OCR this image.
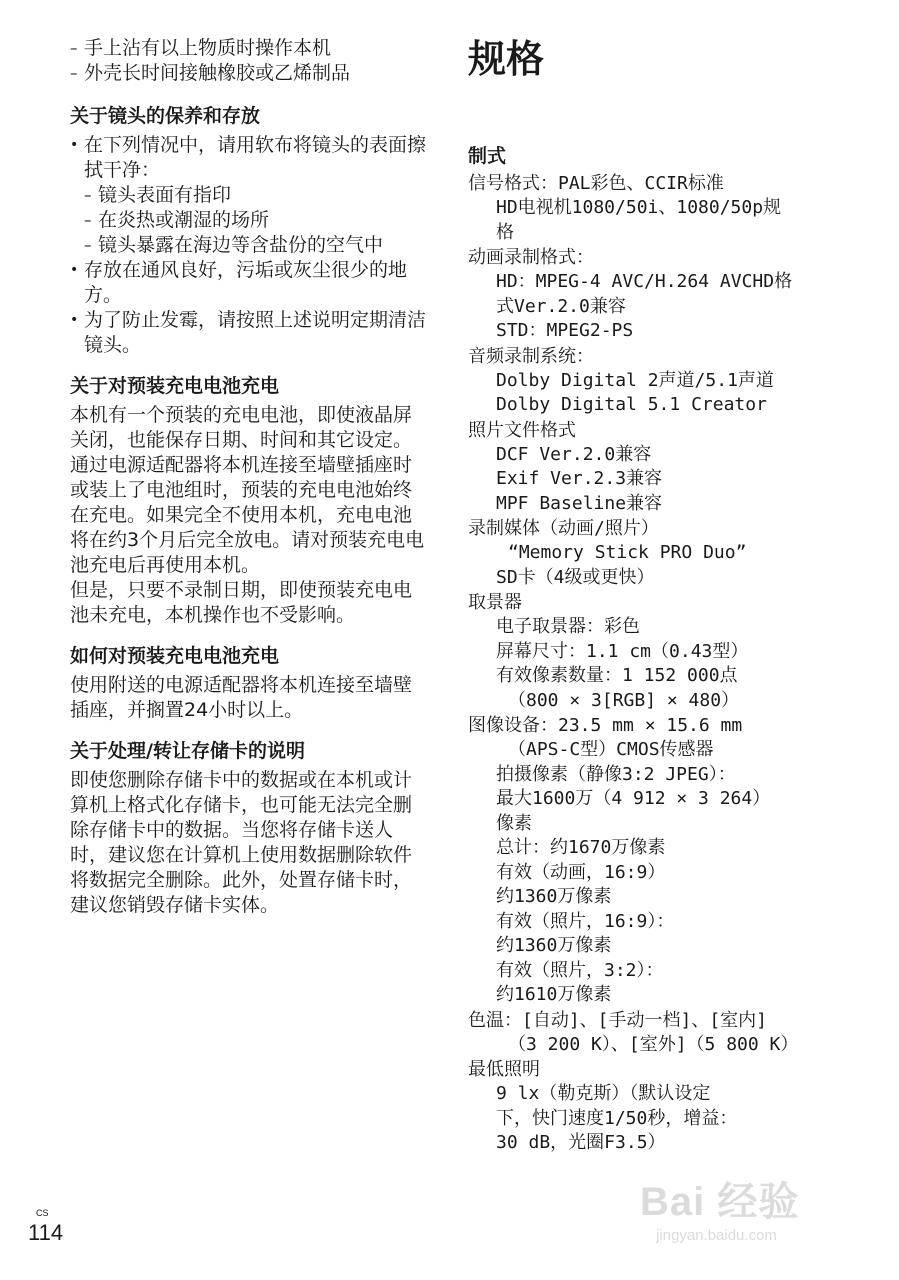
– 手上沾有以上物质时操作本机
– 外壳长时间接触橡胶或乙烯制品
关于镜头的保养和存放
• 在下列情况中，请用软布将镜头的表面擦拭干净：
– 镜头表面有指印
– 在炎热或潮湿的场所
– 镜头暴露在海边等含盐份的空气中
• 存放在通风良好，污垢或灰尘很少的地方。
• 为了防止发霉，请按照上述说明定期清洁镜头。
关于对预装充电电池充电
本机有一个预装的充电电池，即使液晶屏关闭，也能保存日期、时间和其它设定。通过电源适配器将本机连接至墙壁插座时或装上了电池组时，预装的充电电池始终在充电。如果完全不使用本机，充电电池将在约3个月后完全放电。请对预装充电电池充电后再使用本机。
但是，只要不录制日期，即使预装充电电池未充电，本机操作也不受影响。
如何对预装充电电池充电
使用附送的电源适配器将本机连接至墙壁插座，并搁置24小时以上。
关于处理/转让存储卡的说明
即使您删除存储卡中的数据或在本机或计算机上格式化存储卡，也可能无法完全删除存储卡中的数据。当您将存储卡送人时，建议您在计算机上使用数据删除软件将数据完全删除。此外，处置存储卡时，建议您销毁存储卡实体。
规格
制式
信号格式：PAL彩色、CCIR标准
HD电视机1080/50i、1080/50p规
格
动画录制格式：
HD：MPEG-4 AVC/H.264 AVCHD格
式Ver.2.0兼容
STD：MPEG2-PS
音频录制系统：
Dolby Digital 2声道/5.1声道
Dolby Digital 5.1 Creator
照片文件格式
DCF Ver.2.0兼容
Exif Ver.2.3兼容
MPF Baseline兼容
录制媒体（动画/照片）
“Memory Stick PRO Duo”
SD卡（4级或更快）
取景器
电子取景器：彩色
屏幕尺寸：1.1 cm（0.43型）
有效像素数量：1 152 000点
（800 × 3[RGB] × 480）
图像设备：23.5 mm × 15.6 mm
（APS-C型）CMOS传感器
拍摄像素（静像3:2 JPEG）：
最大1600万（4 912 × 3 264）
像素
总计：约1670万像素
有效（动画，16:9）
约1360万像素
有效（照片，16:9）：
约1360万像素
有效（照片，3:2）：
约1610万像素
色温：[自动]、[手动一档]、[室内]
（3 200 K）、[室外]（5 800 K）
最低照明
9 lx（勒克斯）（默认设定
下，快门速度1/50秒，增益：
30 dB，光圈F3.5）
CS
114
Bai 经验
jingyan.baidu.com
